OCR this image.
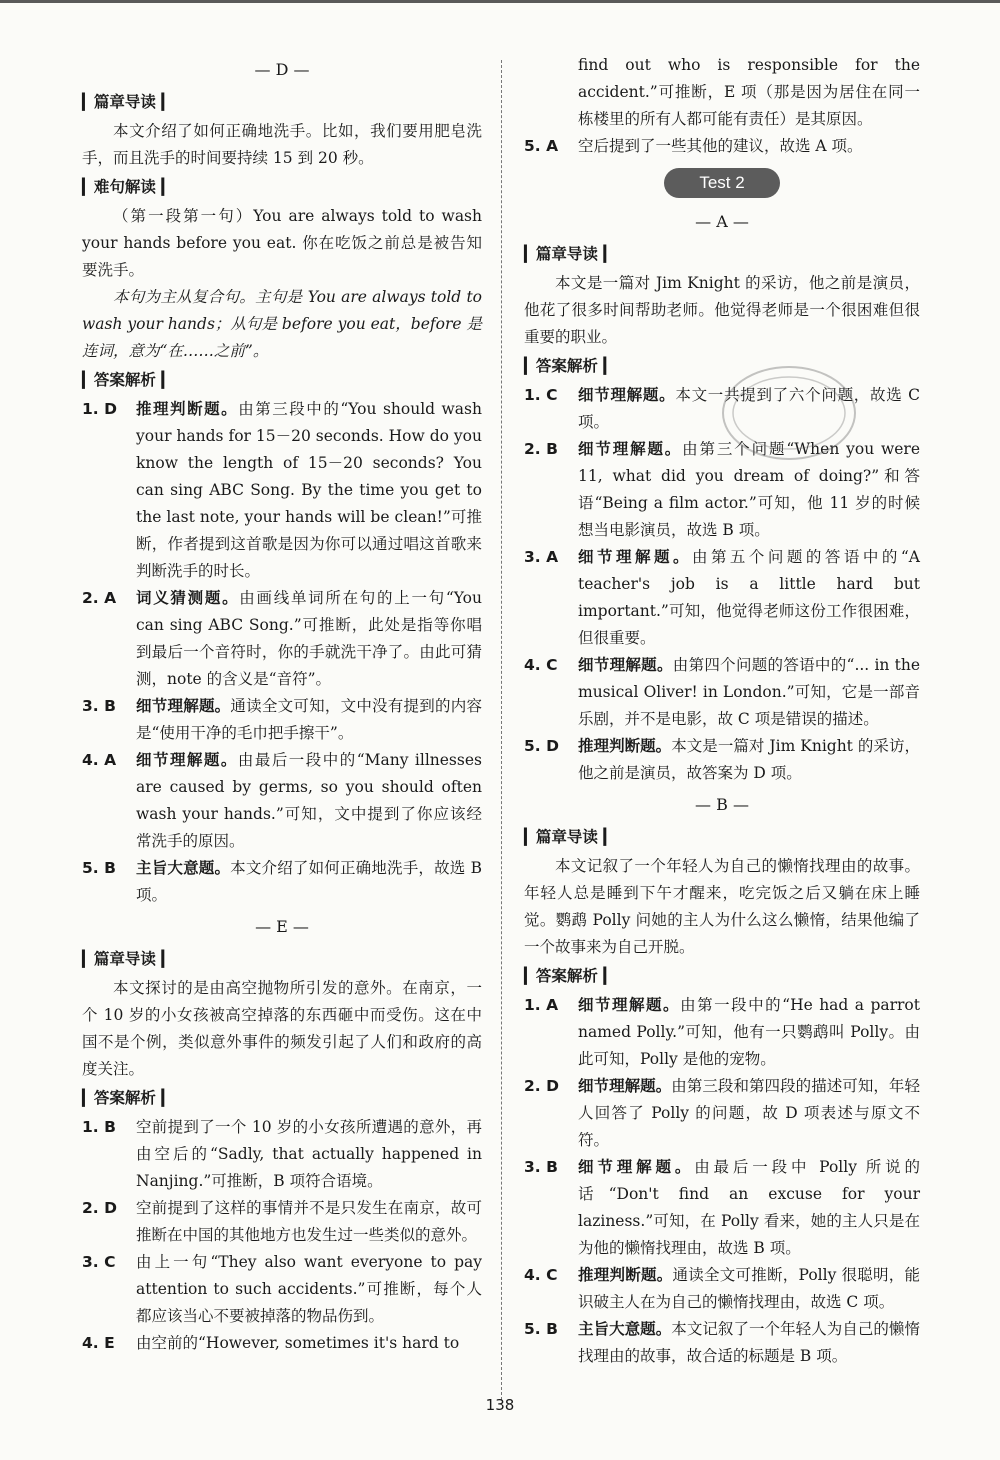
— D —
▎篇章导读 ▎

本文介绍了如何正确地洗手。比如，我们要用肥皂洗手，而且洗手的时间要持续 15 到 20 秒。

▎难句解读 ▎

（第一段第一句）You are always told to wash your hands before you eat. 你在吃饭之前总是被告知要洗手。

本句为主从复合句。主句是 You are always told to wash your hands；从句是 before you eat，before 是连词，意为“在……之前”。

▎答案解析 ▎
1. D	推理判断题。由第三段中的“You should wash your hands for 15－20 seconds. How do you know the length of 15－20 seconds? You can sing ABC Song. By the time you get to the last note, your hands will be clean!”可推断，作者提到这首歌是因为你可以通过唱这首歌来判断洗手的时长。
2. A	词义猜测题。由画线单词所在句的上一句“You can sing ABC Song.”可推断，此处是指等你唱到最后一个音符时，你的手就洗干净了。由此可猜测，note 的含义是“音符”。
3. B	细节理解题。通读全文可知，文中没有提到的内容是“使用干净的毛巾把手擦干”。
4. A	细节理解题。由最后一段中的“Many illnesses are caused by germs, so you should often wash your hands.”可知，文中提到了你应该经常洗手的原因。
5. B	主旨大意题。本文介绍了如何正确地洗手，故选 B 项。
— E —
▎篇章导读 ▎

本文探讨的是由高空抛物所引发的意外。在南京，一个 10 岁的小女孩被高空掉落的东西砸中而受伤。这在中国不是个例，类似意外事件的频发引起了人们和政府的高度关注。

▎答案解析 ▎
1. B	空前提到了一个 10 岁的小女孩所遭遇的意外，再由空后的“Sadly, that actually happened in Nanjing.”可推断，B 项符合语境。
2. D	空前提到了这样的事情并不是只发生在南京，故可推断在中国的其他地方也发生过一些类似的意外。
3. C	由上一句“They also want everyone to pay attention to such accidents.”可推断，每个人都应该当心不要被掉落的物品伤到。
4. E	由空前的“However, sometimes it's hard to

find out who is responsible for the accident.”可推断，E 项（那是因为居住在同一栋楼里的所有人都可能有责任）是其原因。

5. A	空后提到了一些其他的建议，故选 A 项。
Test 2
— A —
▎篇章导读 ▎

本文是一篇对 Jim Knight 的采访，他之前是演员，他花了很多时间帮助老师。他觉得老师是一个很困难但很重要的职业。

▎答案解析 ▎
1. C	细节理解题。本文一共提到了六个问题，故选 C 项。
2. B	细节理解题。由第三个问题“When you were 11, what did you dream of doing?”和答语“Being a film actor.”可知，他 11 岁的时候想当电影演员，故选 B 项。
3. A	细节理解题。由第五个问题的答语中的“A teacher's job is a little hard but important.”可知，他觉得老师这份工作很困难，但很重要。
4. C	细节理解题。由第四个问题的答语中的“... in the musical Oliver! in London.”可知，它是一部音乐剧，并不是电影，故 C 项是错误的描述。
5. D	推理判断题。本文是一篇对 Jim Knight 的采访，他之前是演员，故答案为 D 项。
— B —
▎篇章导读 ▎

本文记叙了一个年轻人为自己的懒惰找理由的故事。年轻人总是睡到下午才醒来，吃完饭之后又躺在床上睡觉。鹦鹉 Polly 问她的主人为什么这么懒惰，结果他编了一个故事来为自己开脱。

▎答案解析 ▎
1. A	细节理解题。由第一段中的“He had a parrot named Polly.”可知，他有一只鹦鹉叫 Polly。由此可知，Polly 是他的宠物。
2. D	细节理解题。由第三段和第四段的描述可知，年轻人回答了 Polly 的问题，故 D 项表述与原文不符。
3. B	细节理解题。由最后一段中 Polly 所说的话“Don't find an excuse for your laziness.”可知，在 Polly 看来，她的主人只是在为他的懒惰找理由，故选 B 项。
4. C	推理判断题。通读全文可推断，Polly 很聪明，能识破主人在为自己的懒惰找理由，故选 C 项。
5. B	主旨大意题。本文记叙了一个年轻人为自己的懒惰找理由的故事，故合适的标题是 B 项。
138
